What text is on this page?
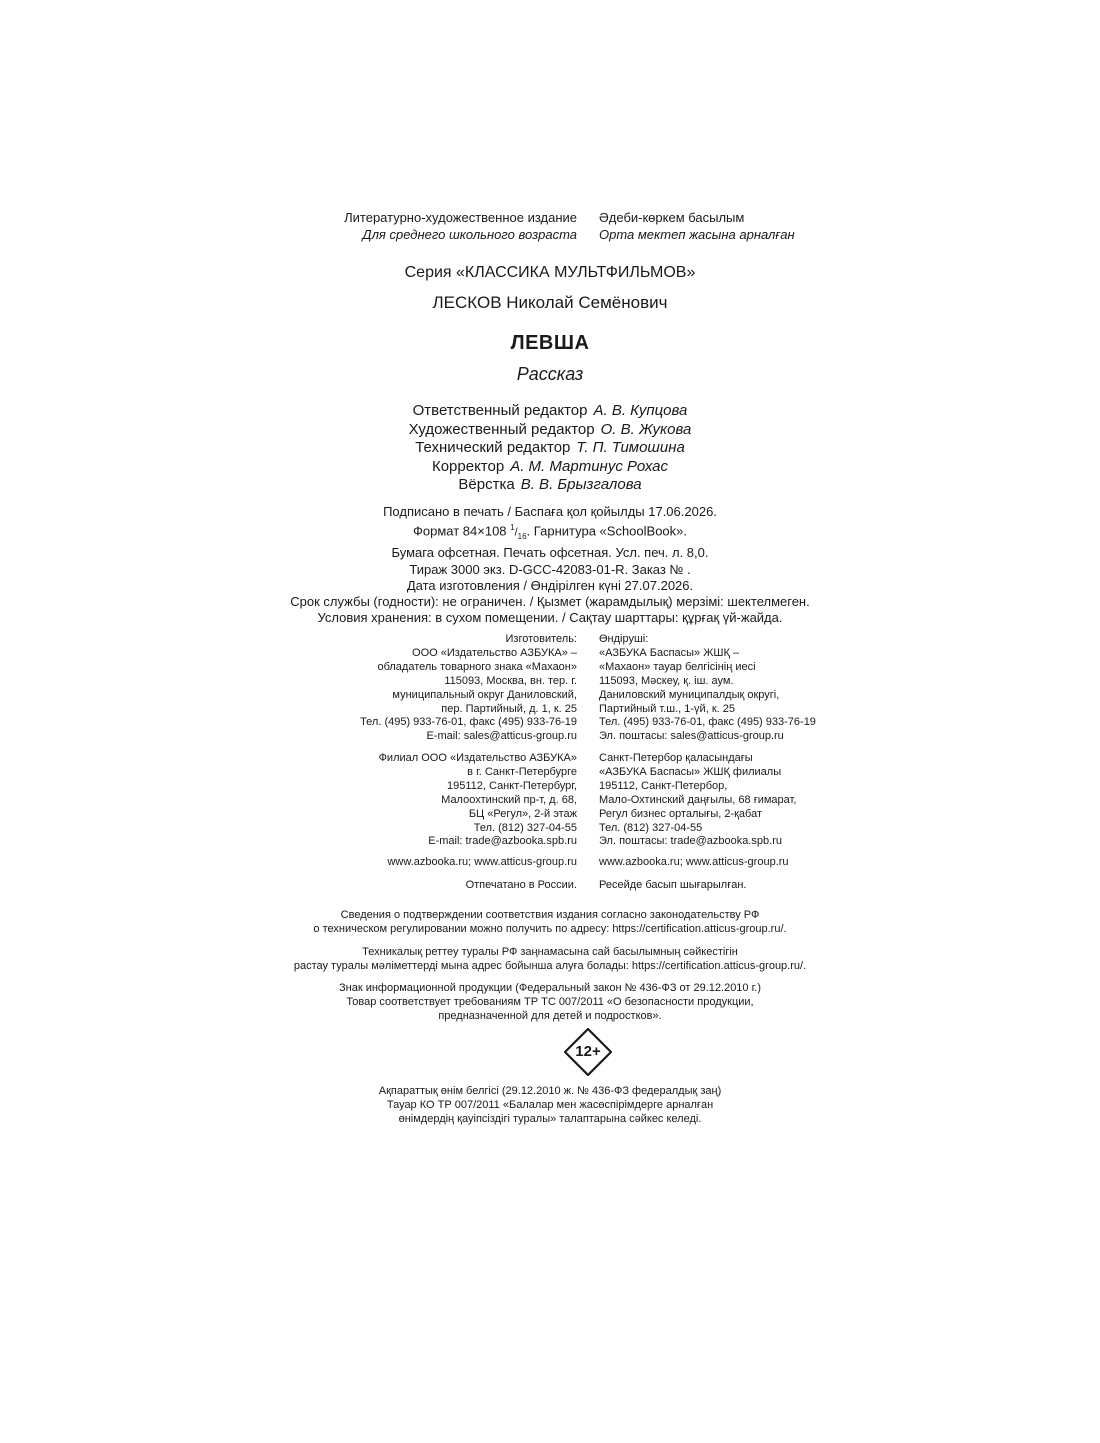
Литературно-художественное издание
Для среднего школьного возраста
Әдеби-көркем басылым
Орта мектеп жасына арналған
Серия «КЛАССИКА МУЛЬТФИЛЬМОВ»
ЛЕСКОВ Николай Семёнович
ЛЕВША
Рассказ
Ответственный редактор А. В. Купцова
Художественный редактор О. В. Жукова
Технический редактор Т. П. Тимошина
Корректор А. М. Мартинус Рохас
Вёрстка В. В. Брызгалова
Подписано в печать / Баспаға қол қойылды 17.06.2026.
Формат 84×108 $^1/_{16}$. Гарнитура «SchoolBook».
Бумага офсетная. Печать офсетная. Усл. печ. л. 8,0.
Тираж 3000 экз. D-GCC-42083-01-R. Заказ № .
Дата изготовления / Өндірілген күні 27.07.2026.
Срок службы (годности): не ограничен. / Қызмет (жарамдылық) мерзімі: шектелмеген.
Условия хранения: в сухом помещении. / Сақтау шарттары: құрғақ үй-жайда.
Изготовитель:
ООО «Издательство АЗБУКА» –
обладатель товарного знака «Махаон»
115093, Москва, вн. тер. г.
муниципальный округ Даниловский,
пер. Партийный, д. 1, к. 25
Тел. (495) 933-76-01, факс (495) 933-76-19
E-mail: sales@atticus-group.ru
Өндіруші:
«АЗБУКА Баспасы» ЖШҚ –
«Махаон» тауар белгісінің иесі
115093, Мәскеу, қ. іш. аум.
Даниловский муниципалдық округі,
Партийный т.ш., 1-үй, к. 25
Тел. (495) 933-76-01, факс (495) 933-76-19
Эл. поштасы: sales@atticus-group.ru
Филиал ООО «Издательство АЗБУКА»
в г. Санкт-Петербурге
195112, Санкт-Петербург,
Малоохтинский пр-т, д. 68,
БЦ «Регул», 2-й этаж
Тел. (812) 327-04-55
E-mail: trade@azbooka.spb.ru
Санкт-Петербор қаласындағы
«АЗБУКА Баспасы» ЖШҚ филиалы
195112, Санкт-Петербор,
Мало-Охтинский даңғылы, 68 ғимарат,
Регул бизнес орталығы, 2-қабат
Тел. (812) 327-04-55
Эл. поштасы: trade@azbooka.spb.ru
www.azbooka.ru; www.atticus-group.ru www.azbooka.ru; www.atticus-group.ru
Отпечатано в России. Ресейде басып шығарылған.
Сведения о подтверждении соответствия издания согласно законодательству РФ
о техническом регулировании можно получить по адресу: https://certification.atticus-group.ru/.
Техникалық реттеу туралы РФ заңнамасына сай басылымның сәйкестігін
растау туралы мәліметтерді мына адрес бойынша алуға болады: https://certification.atticus-group.ru/.
Знак информационной продукции (Федеральный закон № 436-ФЗ от 29.12.2010 г.)
Товар соответствует требованиям ТР ТС 007/2011 «О безопасности продукции,
предназначенной для детей и подростков».
12+
Ақпараттық өнім белгісі (29.12.2010 ж. № 436-ФЗ федералдық заң)
Тауар КО ТР 007/2011 «Балалар мен жасөспірімдерге арналған
өнімдердің қауіпсіздігі туралы» талаптарына сәйкес келеді.
